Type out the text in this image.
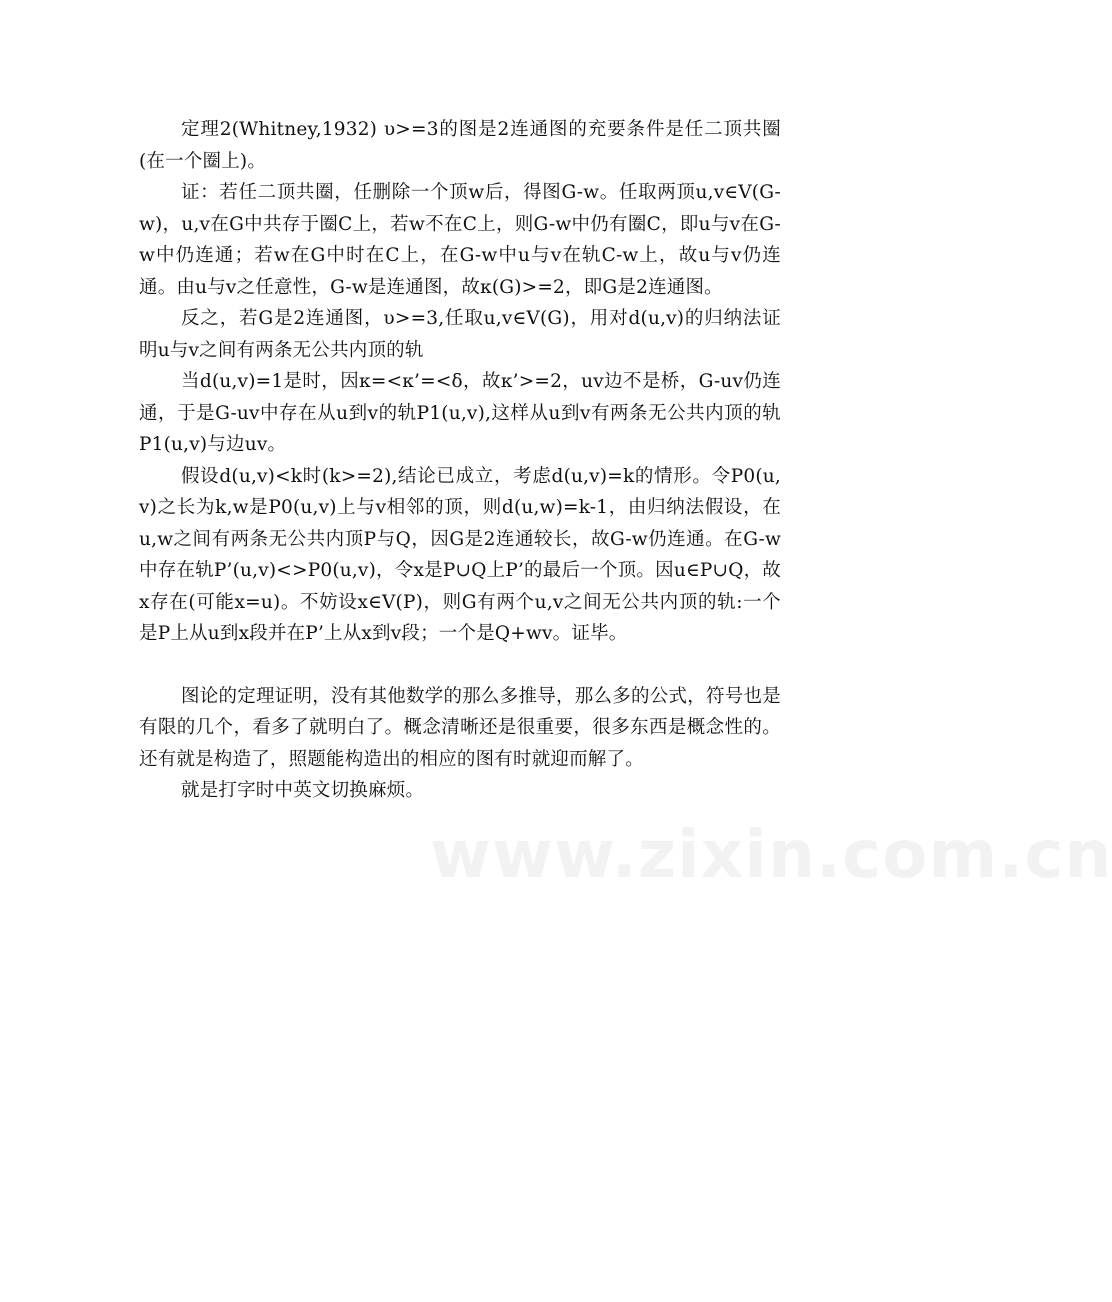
定理2(Whitney,1932) υ>=3的图是2连通图的充要条件是任二顶共圈(在一个圈上)。

证：若任二顶共圈，任删除一个顶w后，得图G-w。任取两顶u,v∈V(G-w)，u,v在G中共存于圈C上，若w不在C上，则G-w中仍有圈C，即u与v在G-w中仍连通；若w在G中时在C上，在G-w中u与v在轨C-w上，故u与v仍连通。由u与v之任意性，G-w是连通图，故κ(G)>=2，即G是2连通图。

反之，若G是2连通图，υ>=3,任取u,v∈V(G)，用对d(u,v)的归纳法证明u与v之间有两条无公共内顶的轨

当d(u,v)=1是时，因κ=<κ’=<δ，故κ’>=2，uv边不是桥，G-uv仍连通，于是G-uv中存在从u到v的轨P1(u,v),这样从u到v有两条无公共内顶的轨P1(u,v)与边uv。

假设d(u,v)<k时(k>=2),结论已成立，考虑d(u,v)=k的情形。令P0(u,v)之长为k,w是P0(u,v)上与v相邻的顶，则d(u,w)=k-1，由归纳法假设，在u,w之间有两条无公共内顶P与Q，因G是2连通较长，故G-w仍连通。在G-w中存在轨P’(u,v)<>P0(u,v)，令x是P∪Q上P’的最后一个顶。因u∈P∪Q，故x存在(可能x=u)。不妨设x∈V(P)，则G有两个u,v之间无公共内顶的轨:一个是P上从u到x段并在P’上从x到v段；一个是Q+wv。证毕。

图论的定理证明，没有其他数学的那么多推导，那么多的公式，符号也是有限的几个，看多了就明白了。概念清晰还是很重要，很多东西是概念性的。还有就是构造了，照题能构造出的相应的图有时就迎而解了。

就是打字时中英文切换麻烦。

www.zixin.com.cn
